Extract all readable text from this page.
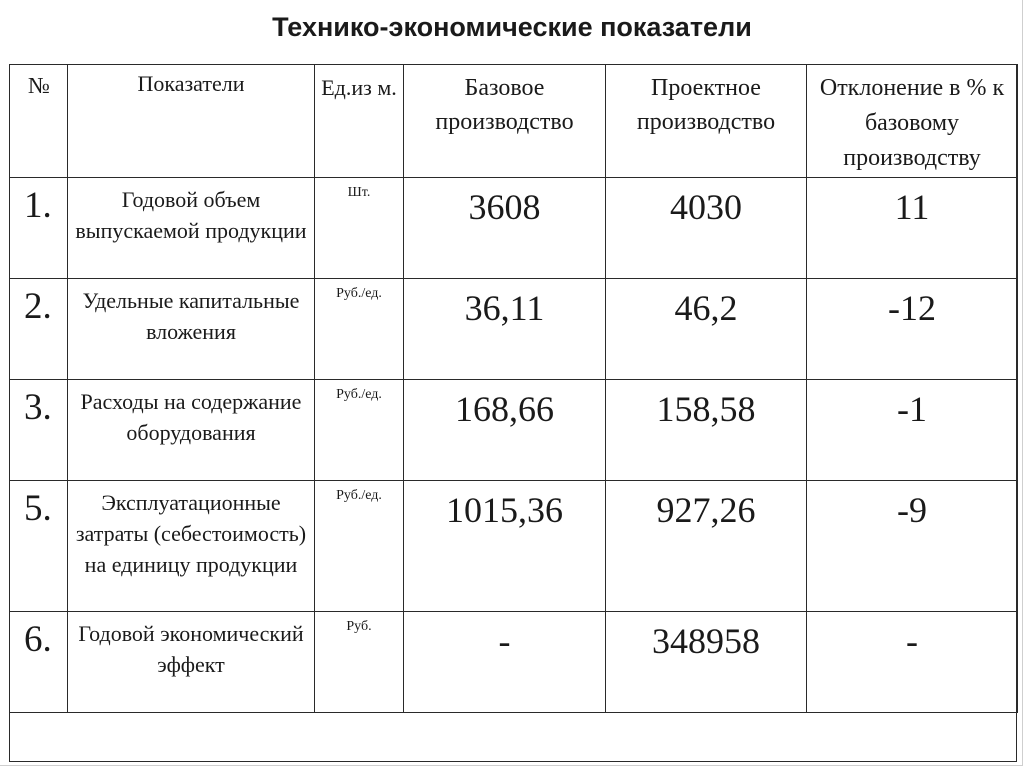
Технико-экономические показатели
№	Показатели	Ед.из м.	Базовое производство	Проектное производство	Отклонение в % к базовому производству
1.	Годовой объем выпускаемой продукции	Шт.	3608	4030	11
2.	Удельные капитальные вложения	Руб./ед.	36,11	46,2	-12
3.	Расходы на содержание оборудования	Руб./ед.	168,66	158,58	-1
5.	Эксплуатационные затраты (себестоимость) на единицу продукции	Руб./ед.	1015,36	927,26	-9
6.	Годовой экономический эффект	Руб.	-	348958	-
